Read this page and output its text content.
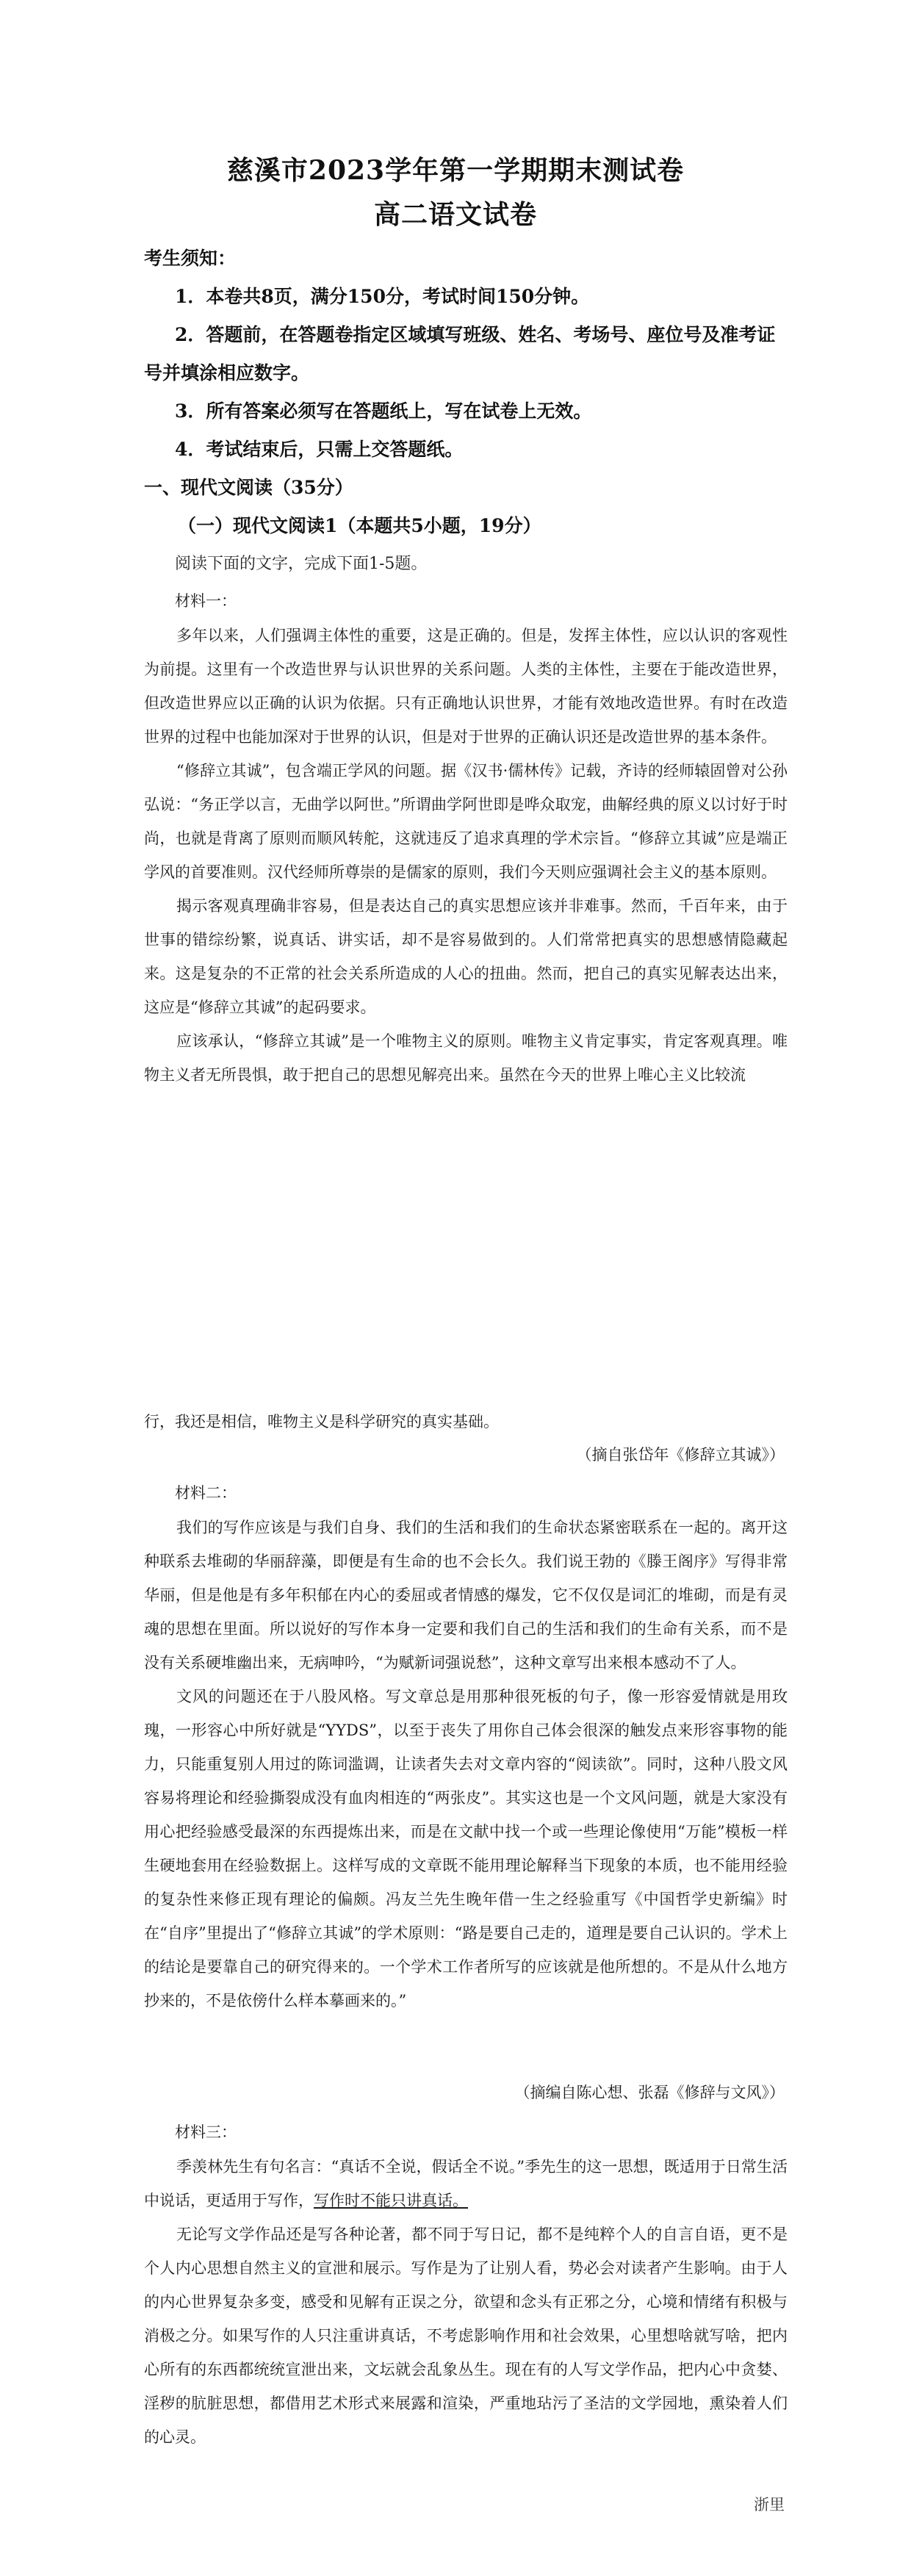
慈溪市2023学年第一学期期末测试卷
高二语文试卷
考生须知：
1．本卷共8页，满分150分，考试时间150分钟。
2．答题前，在答题卷指定区域填写班级、姓名、考场号、座位号及准考证
号并填涂相应数字。
3．所有答案必须写在答题纸上，写在试卷上无效。
4．考试结束后，只需上交答题纸。
一、现代文阅读（35分）
（一）现代文阅读1（本题共5小题，19分）
阅读下面的文字，完成下面1-5题。
材料一：

多年以来，人们强调主体性的重要，这是正确的。但是，发挥主体性，应以认识的客观性为前提。这里有一个改造世界与认识世界的关系问题。人类的主体性，主要在于能改造世界，但改造世界应以正确的认识为依据。只有正确地认识世界，才能有效地改造世界。有时在改造世界的过程中也能加深对于世界的认识，但是对于世界的正确认识还是改造世界的基本条件。

“修辞立其诚”，包含端正学风的问题。据《汉书·儒林传》记载，齐诗的经师辕固曾对公孙弘说：“务正学以言，无曲学以阿世。”所谓曲学阿世即是哗众取宠，曲解经典的原义以讨好于时尚，也就是背离了原则而顺风转舵，这就违反了追求真理的学术宗旨。“修辞立其诚”应是端正学风的首要准则。汉代经师所尊崇的是儒家的原则，我们今天则应强调社会主义的基本原则。

揭示客观真理确非容易，但是表达自己的真实思想应该并非难事。然而，千百年来，由于世事的错综纷繁，说真话、讲实话，却不是容易做到的。人们常常把真实的思想感情隐藏起来。这是复杂的不正常的社会关系所造成的人心的扭曲。然而，把自己的真实见解表达出来，这应是“修辞立其诚”的起码要求。

应该承认，“修辞立其诚”是一个唯物主义的原则。唯物主义肯定事实，肯定客观真理。唯物主义者无所畏惧，敢于把自己的思想见解亮出来。虽然在今天的世界上唯心主义比较流

行，我还是相信，唯物主义是科学研究的真实基础。

（摘自张岱年《修辞立其诚》）
材料二：

我们的写作应该是与我们自身、我们的生活和我们的生命状态紧密联系在一起的。离开这种联系去堆砌的华丽辞藻，即便是有生命的也不会长久。我们说王勃的《滕王阁序》写得非常华丽，但是他是有多年积郁在内心的委屈或者情感的爆发，它不仅仅是词汇的堆砌，而是有灵魂的思想在里面。所以说好的写作本身一定要和我们自己的生活和我们的生命有关系，而不是没有关系硬堆幽出来，无病呻吟，“为赋新词强说愁”，这种文章写出来根本感动不了人。

文风的问题还在于八股风格。写文章总是用那种很死板的句子，像一形容爱情就是用玫瑰，一形容心中所好就是“YYDS”，以至于丧失了用你自己体会很深的触发点来形容事物的能力，只能重复别人用过的陈词滥调，让读者失去对文章内容的“阅读欲”。同时，这种八股文风容易将理论和经验撕裂成没有血肉相连的“两张皮”。其实这也是一个文风问题，就是大家没有用心把经验感受最深的东西提炼出来，而是在文献中找一个或一些理论像使用“万能”模板一样生硬地套用在经验数据上。这样写成的文章既不能用理论解释当下现象的本质，也不能用经验的复杂性来修正现有理论的偏颇。冯友兰先生晚年借一生之经验重写《中国哲学史新编》时在“自序”里提出了“修辞立其诚”的学术原则：“路是要自己走的，道理是要自己认识的。学术上的结论是要靠自己的研究得来的。一个学术工作者所写的应该就是他所想的。不是从什么地方抄来的，不是依傍什么样本摹画来的。”

（摘编自陈心想、张磊《修辞与文风》）
材料三：

季羡林先生有句名言：“真话不全说，假话全不说。”季先生的这一思想，既适用于日常生活中说话，更适用于写作，写作时不能只讲真话。

无论写文学作品还是写各种论著，都不同于写日记，都不是纯粹个人的自言自语，更不是个人内心思想自然主义的宣泄和展示。写作是为了让别人看，势必会对读者产生影响。由于人的内心世界复杂多变，感受和见解有正误之分，欲望和念头有正邪之分，心境和情绪有积极与消极之分。如果写作的人只注重讲真话，不考虑影响作用和社会效果，心里想啥就写啥，把内心所有的东西都统统宣泄出来，文坛就会乱象丛生。现在有的人写文学作品，把内心中贪婪、淫秽的肮脏思想，都借用艺术形式来展露和渲染，严重地玷污了圣洁的文学园地，熏染着人们的心灵。

浙里
